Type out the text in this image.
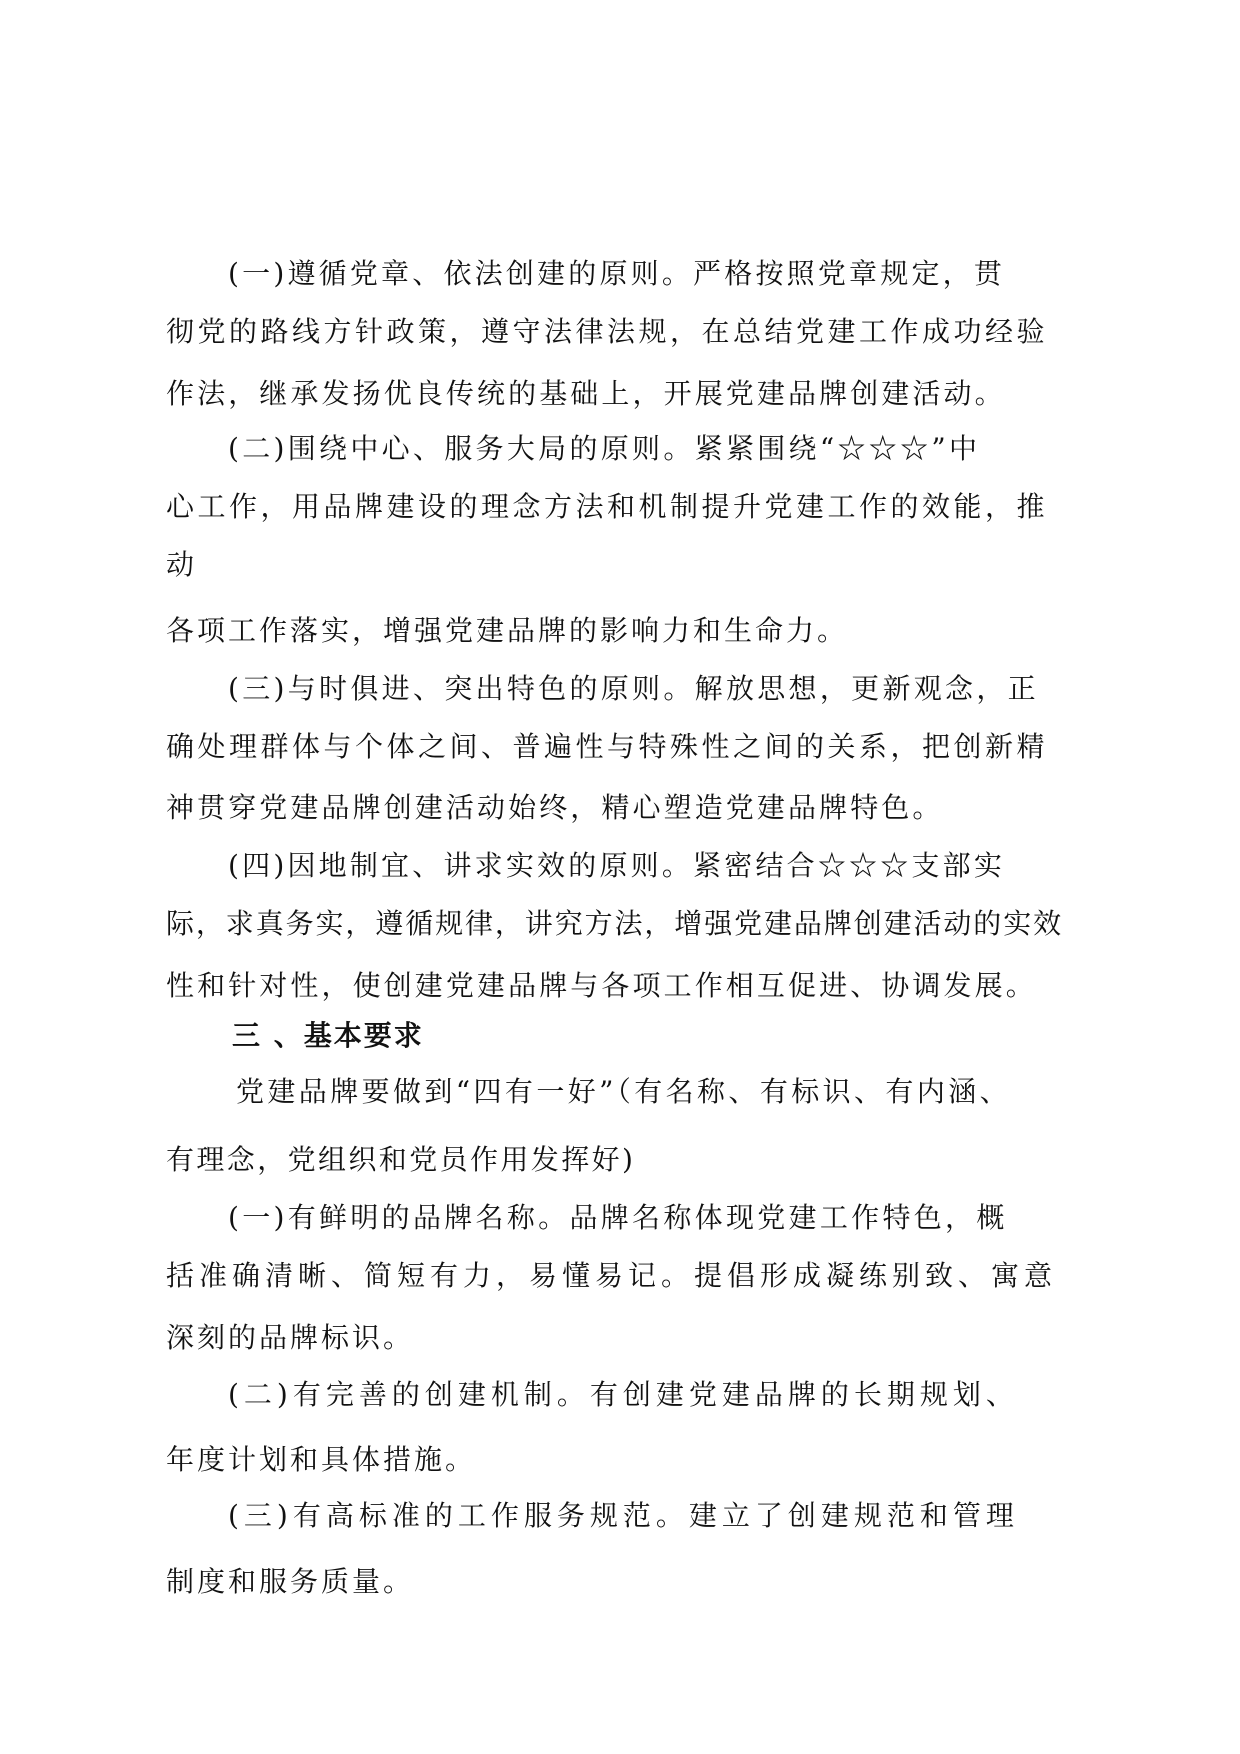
(一)遵循党章、依法创建的原则。严格按照党章规定，贯
彻党的路线方针政策，遵守法律法规，在总结党建工作成功经验
作法，继承发扬优良传统的基础上，开展党建品牌创建活动。
(二)围绕中心、服务大局的原则。紧紧围绕“☆☆☆”中
心工作，用品牌建设的理念方法和机制提升党建工作的效能，推
动
各项工作落实，增强党建品牌的影响力和生命力。
(三)与时俱进、突出特色的原则。解放思想，更新观念，正
确处理群体与个体之间、普遍性与特殊性之间的关系，把创新精
神贯穿党建品牌创建活动始终，精心塑造党建品牌特色。
(四)因地制宜、讲求实效的原则。紧密结合☆☆☆支部实
际，求真务实，遵循规律，讲究方法，增强党建品牌创建活动的实效
性和针对性，使创建党建品牌与各项工作相互促进、协调发展。
三 、基本要求
党建品牌要做到“四有一好”（有名称、有标识、有内涵、
有理念，党组织和党员作用发挥好)
(一)有鲜明的品牌名称。品牌名称体现党建工作特色，概
括准确清晰、简短有力，易懂易记。提倡形成凝练别致、寓意
深刻的品牌标识。
(二)有完善的创建机制。有创建党建品牌的长期规划、
年度计划和具体措施。
(三)有高标准的工作服务规范。建立了创建规范和管理
制度和服务质量。
